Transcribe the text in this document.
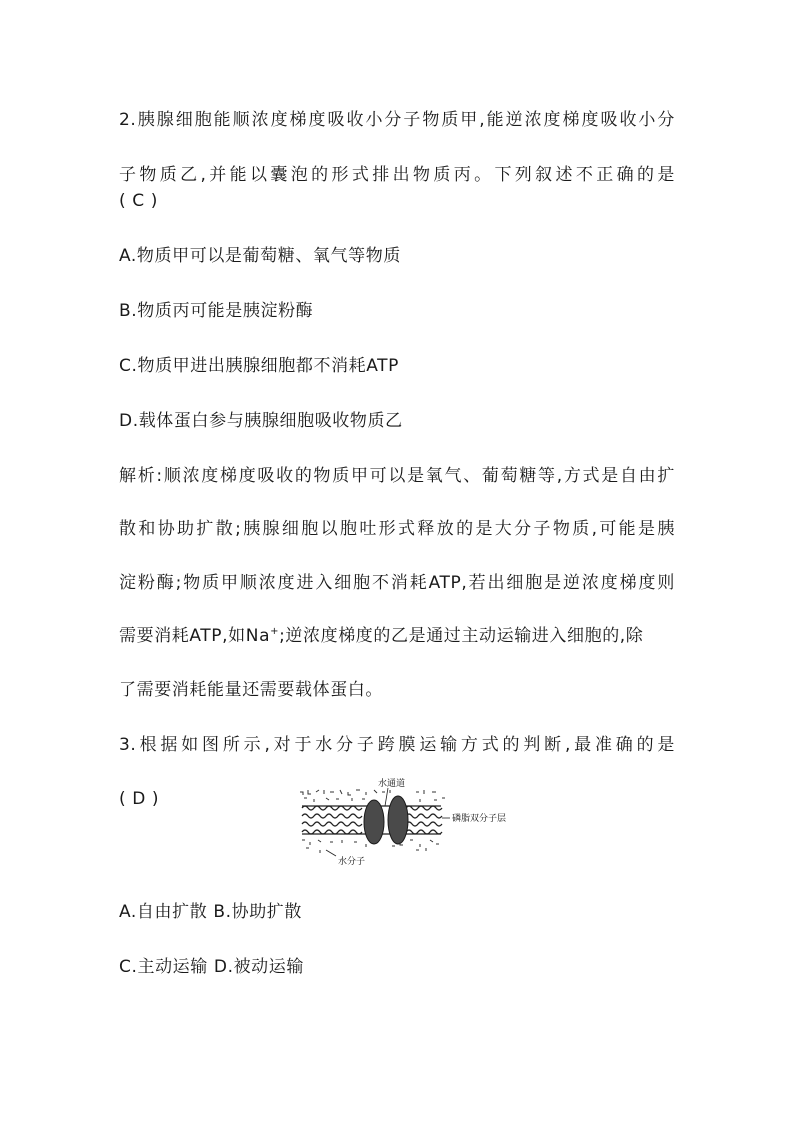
2.胰腺细胞能顺浓度梯度吸收小分子物质甲,能逆浓度梯度吸收小分
子物质乙,并能以囊泡的形式排出物质丙。下列叙述不正确的是
( C )
A.物质甲可以是葡萄糖、氧气等物质
B.物质丙可能是胰淀粉酶
C.物质甲进出胰腺细胞都不消耗ATP
D.载体蛋白参与胰腺细胞吸收物质乙
解析:顺浓度梯度吸收的物质甲可以是氧气、葡萄糖等,方式是自由扩
散和协助扩散;胰腺细胞以胞吐形式释放的是大分子物质,可能是胰
淀粉酶;物质甲顺浓度进入细胞不消耗ATP,若出细胞是逆浓度梯度则
需要消耗ATP,如Na+;逆浓度梯度的乙是通过主动运输进入细胞的,除
了需要消耗能量还需要载体蛋白。
3.根据如图所示,对于水分子跨膜运输方式的判断,最准确的是
( D )
水通道
磷脂双分子层
水分子
A.自由扩散 B.协助扩散
C.主动运输 D.被动运输
